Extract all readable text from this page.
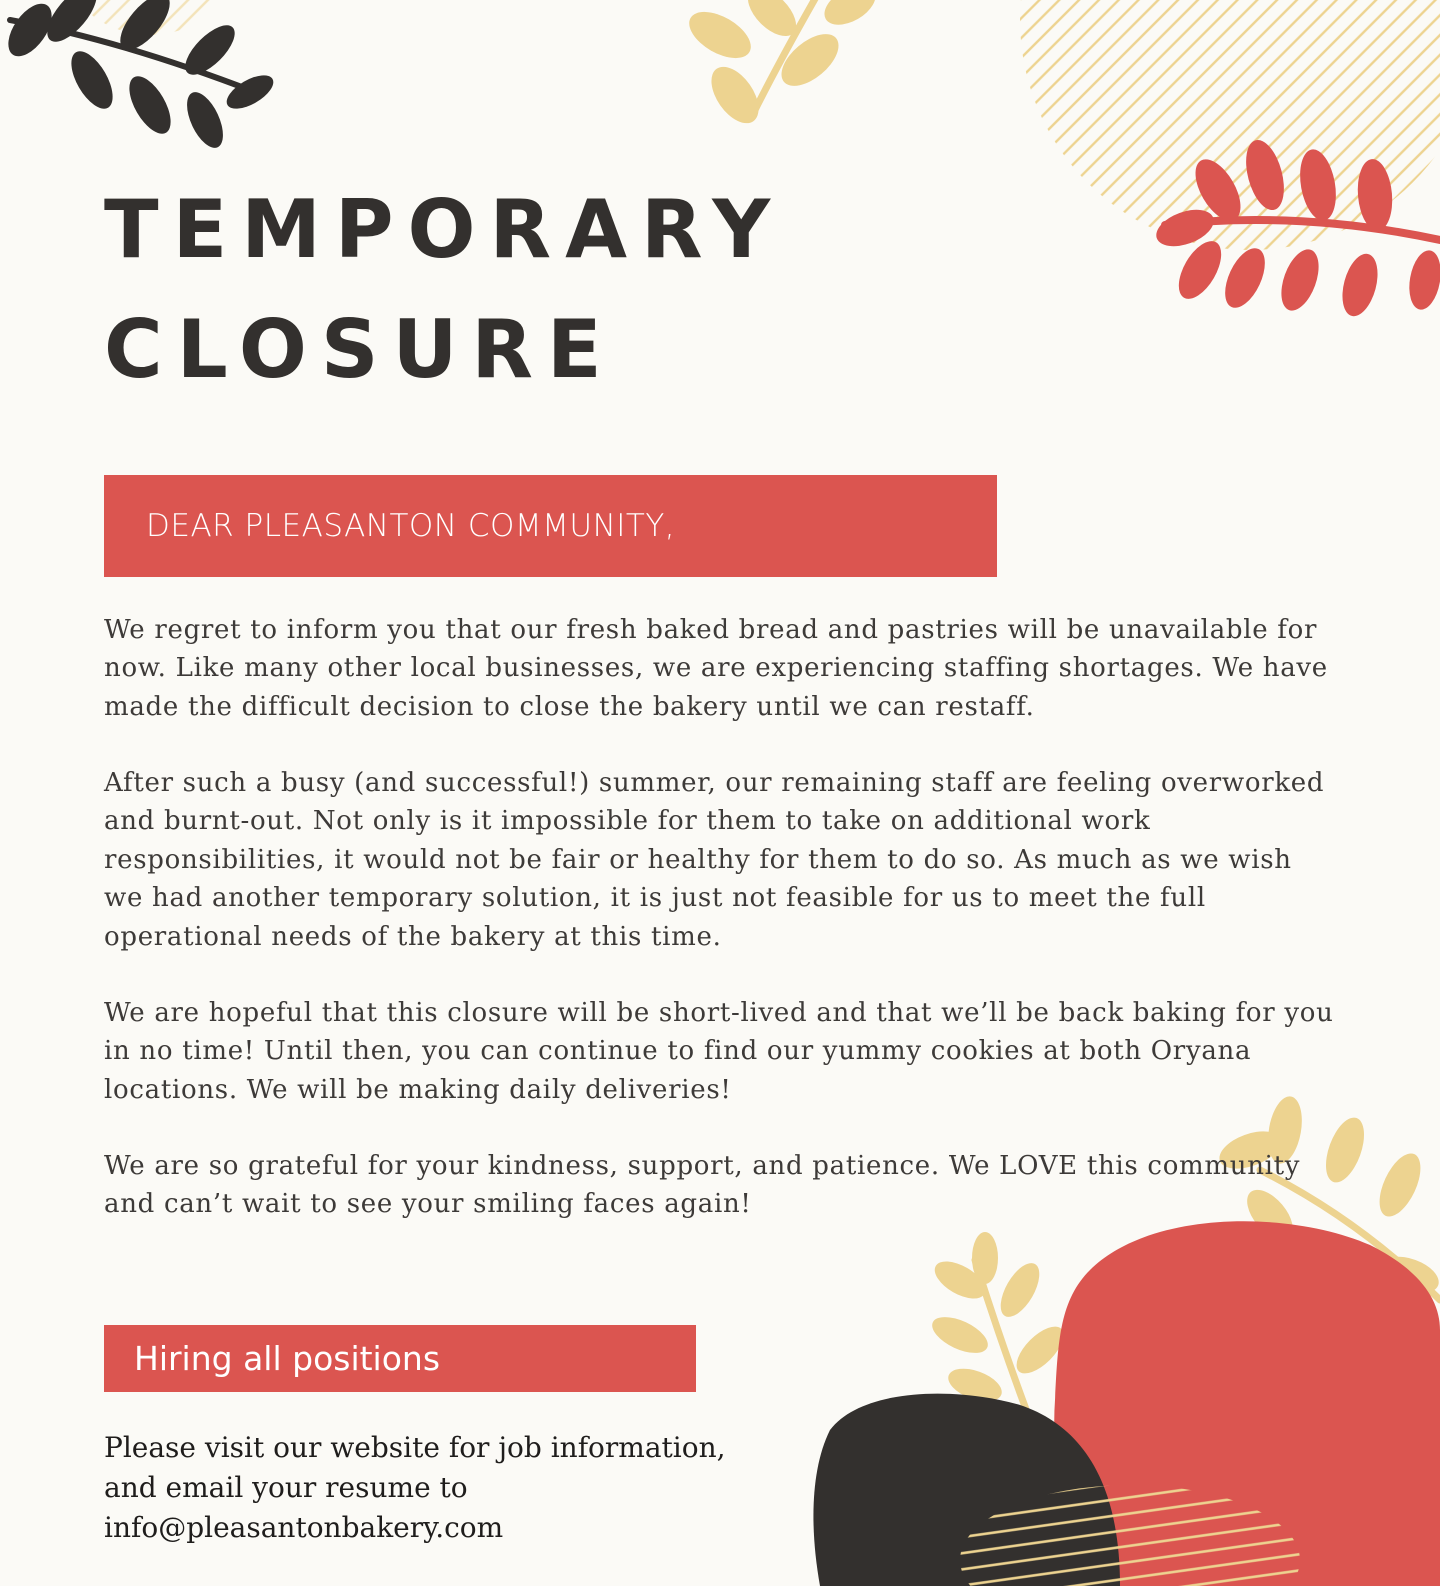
TEMPORARY
CLOSURE
DEAR PLEASANTON COMMUNITY,

We regret to inform you that our fresh baked bread and pastries will be unavailable for now. Like many other local businesses, we are experiencing staffing shortages. We have made the difficult decision to close the bakery until we can restaff.

After such a busy (and successful!) summer, our remaining staff are feeling overworked and burnt-out. Not only is it impossible for them to take on additional work responsibilities, it would not be fair or healthy for them to do so. As much as we wish we had another temporary solution, it is just not feasible for us to meet the full operational needs of the bakery at this time.

We are hopeful that this closure will be short-lived and that we’ll be back baking for you in no time! Until then, you can continue to find our yummy cookies at both Oryana locations. We will be making daily deliveries!

We are so grateful for your kindness, support, and patience. We LOVE this community and can’t wait to see your smiling faces again!

Hiring all positions

Please visit our website for job information,

and email your resume to

info@pleasantonbakery.com
